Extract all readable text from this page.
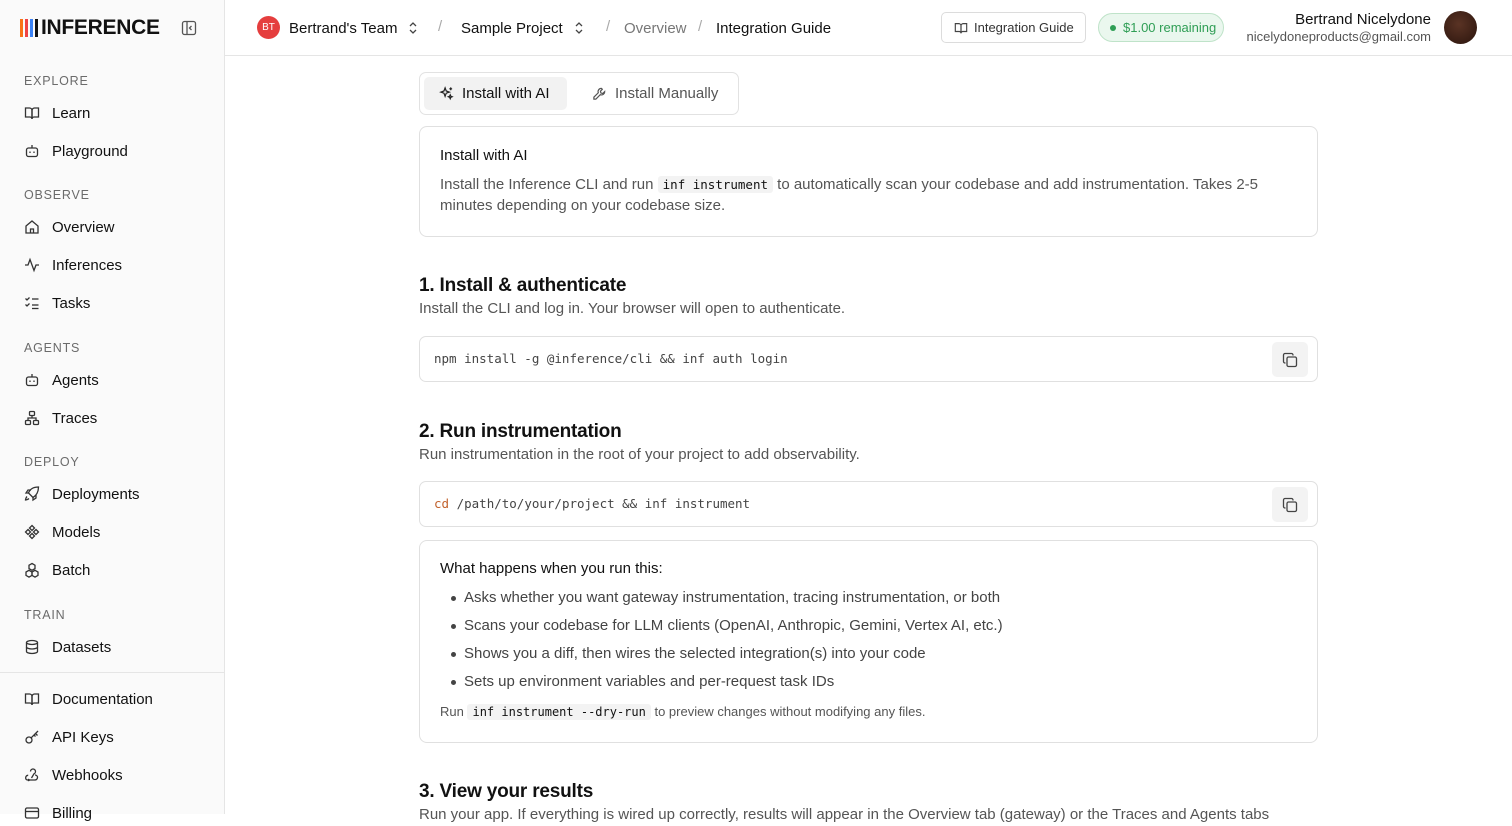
INFERENCE
EXPLORE
Learn
Playground
OBSERVE
Overview
Inferences
Tasks
AGENTS
Agents
Traces
DEPLOY
Deployments
Models
Batch
TRAIN
Datasets
Documentation
API Keys
Webhooks
Billing
BT Bertrand's Team	/ Sample Project	/ Overview / Integration Guide	Integration Guide	$1.00 remaining	Bertrand Nicelydone
nicelydoneproducts@gmail.com
Install with AI	Install Manually
Install with AI
Install the Inference CLI and run inf instrument to automatically scan your codebase and add instrumentation. Takes 2-5 minutes depending on your codebase size.
1. Install & authenticate

Install the CLI and log in. Your browser will open to authenticate.

npm install -g @inference/cli && inf auth login
2. Run instrumentation

Run instrumentation in the root of your project to add observability.

cd /path/to/your/project && inf instrument
What happens when you run this:
Asks whether you want gateway instrumentation, tracing instrumentation, or both
Scans your codebase for LLM clients (OpenAI, Anthropic, Gemini, Vertex AI, etc.)
Shows you a diff, then wires the selected integration(s) into your code
Sets up environment variables and per-request task IDs
Run inf instrument --dry-run to preview changes without modifying any files.
3. View your results

Run your app. If everything is wired up correctly, results will appear in the Overview tab (gateway) or the Traces and Agents tabs
